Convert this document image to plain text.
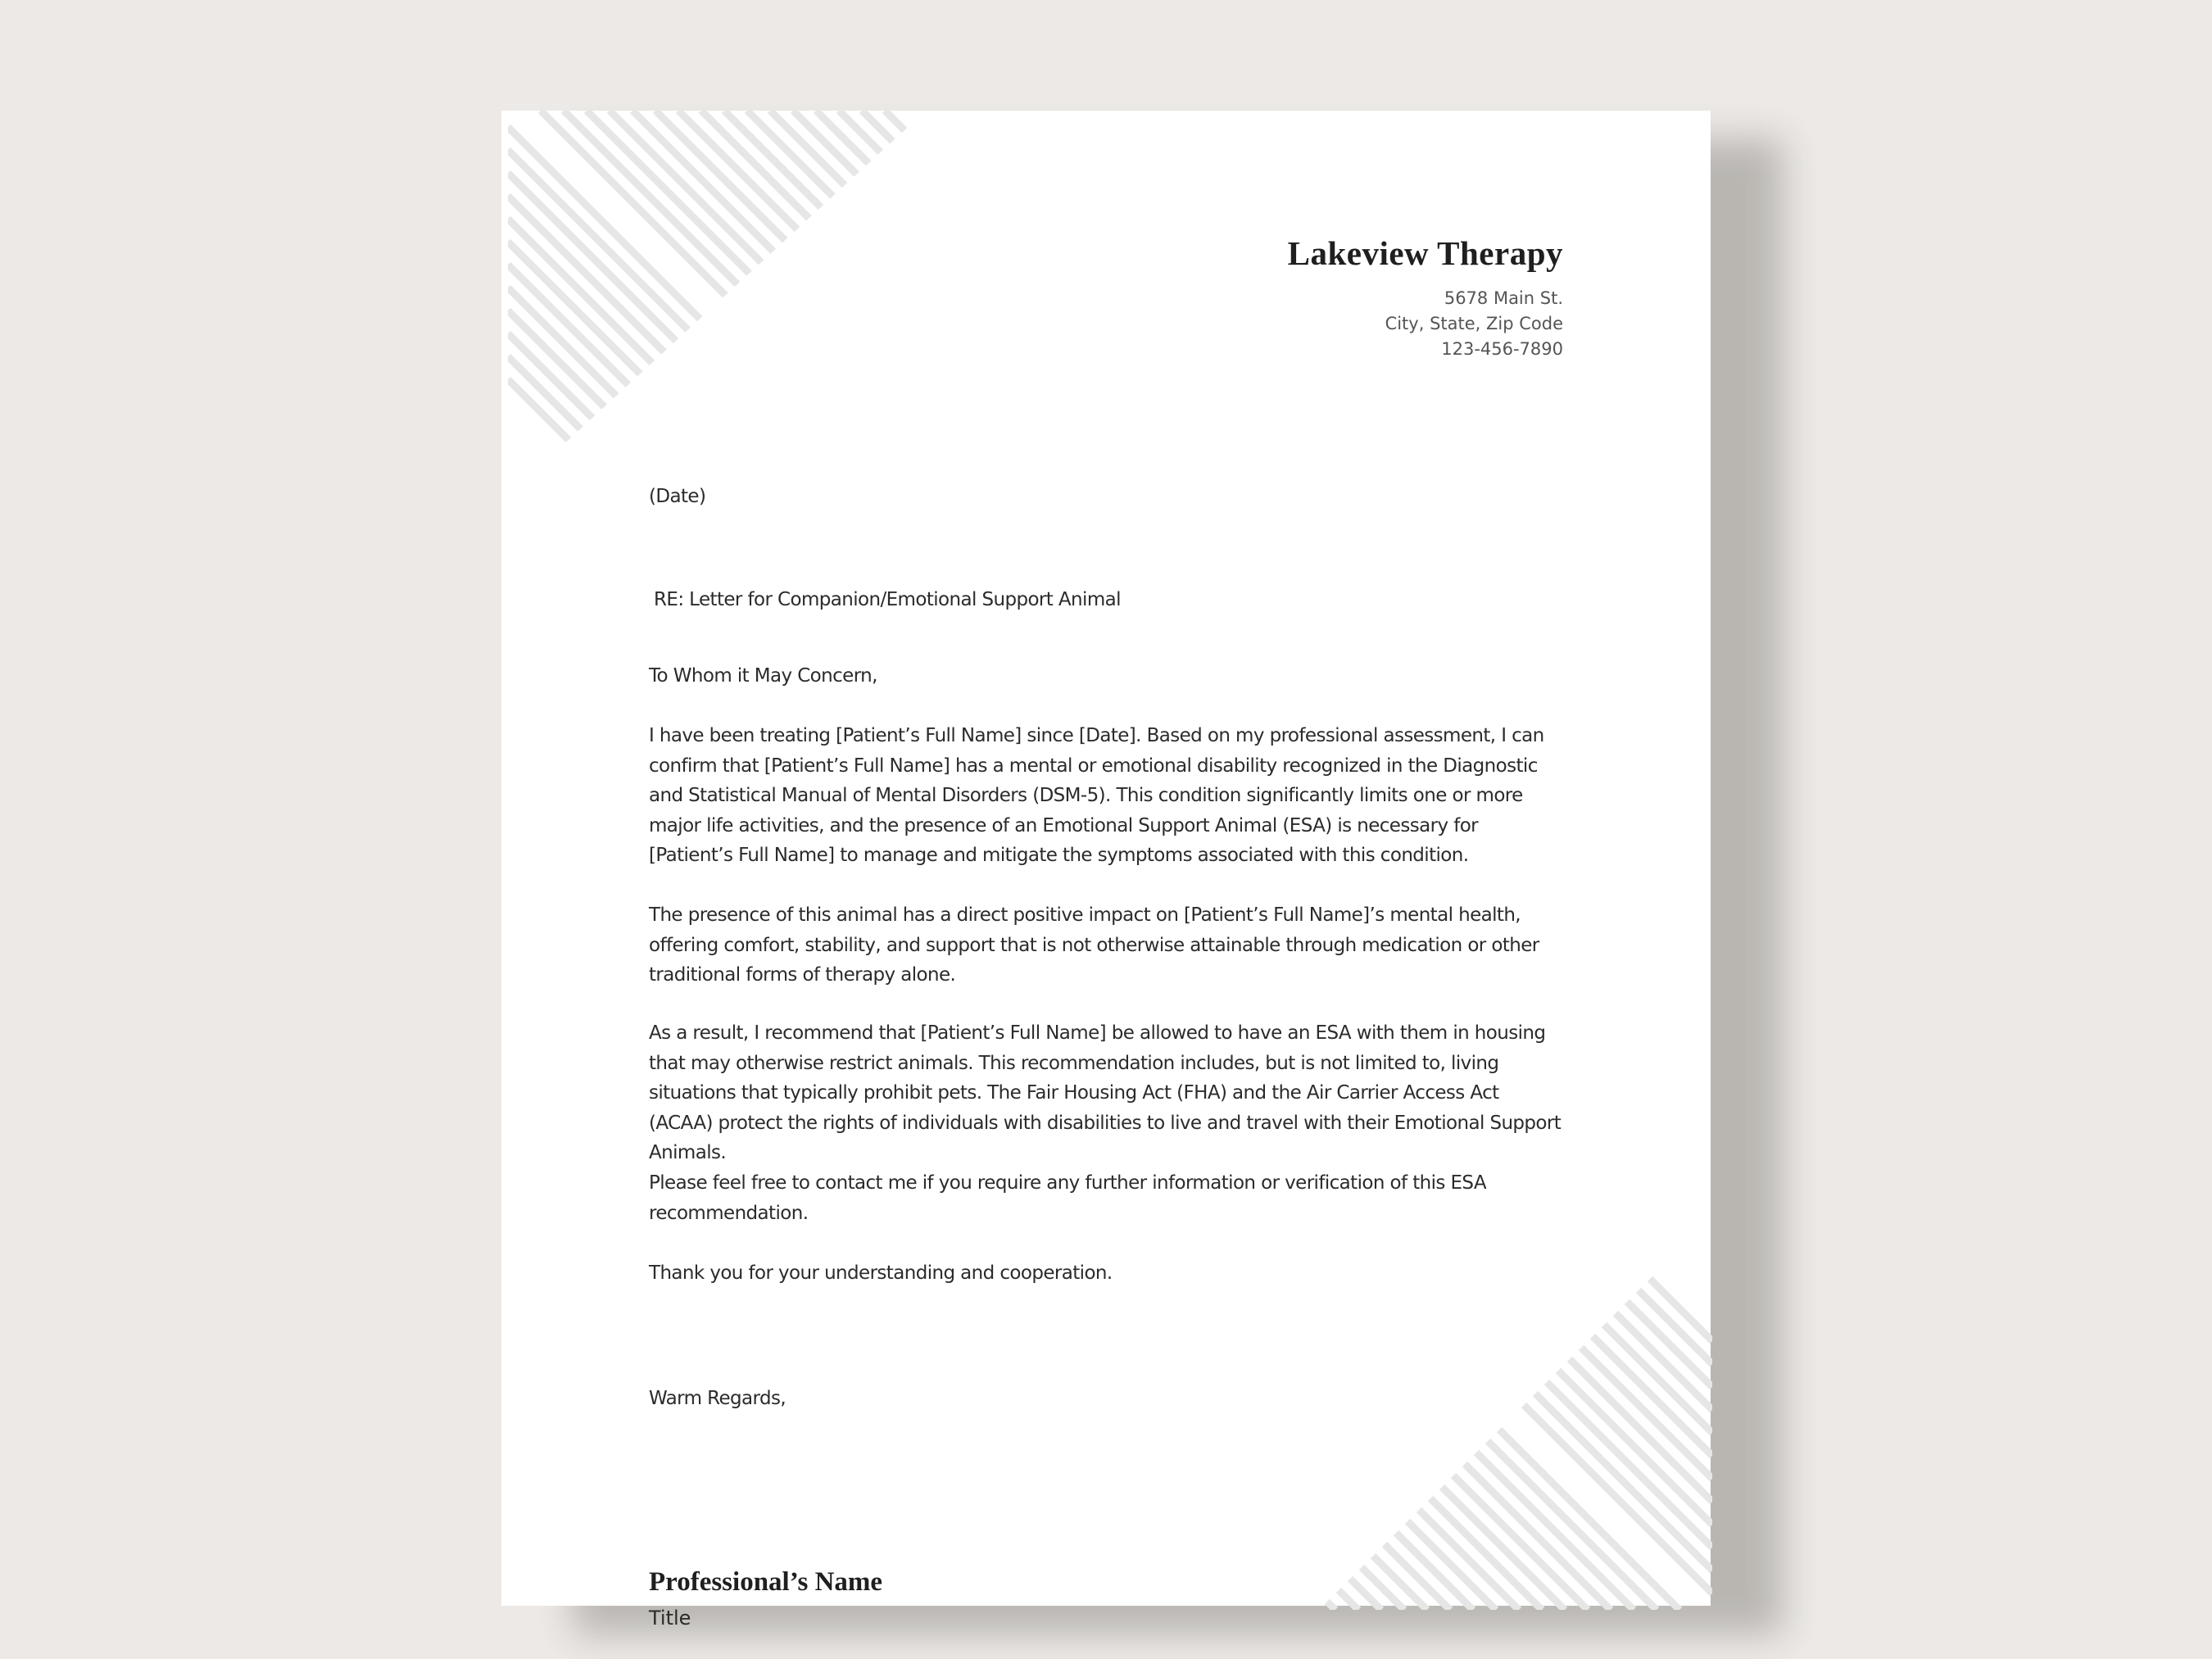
Lakeview Therapy
5678 Main St.
City, State, Zip Code
123-456-7890
(Date)
RE: Letter for Companion/Emotional Support Animal
To Whom it May Concern,
I have been treating [Patient’s Full Name] since [Date]. Based on my professional assessment, I can confirm that [Patient’s Full Name] has a mental or emotional disability recognized in the Diagnostic and Statistical Manual of Mental Disorders (DSM-5). This condition significantly limits one or more major life activities, and the presence of an Emotional Support Animal (ESA) is necessary for [Patient’s Full Name] to manage and mitigate the symptoms associated with this condition.
The presence of this animal has a direct positive impact on [Patient’s Full Name]’s mental health, offering comfort, stability, and support that is not otherwise attainable through medication or other traditional forms of therapy alone.
As a result, I recommend that [Patient’s Full Name] be allowed to have an ESA with them in housing that may otherwise restrict animals. This recommendation includes, but is not limited to, living situations that typically prohibit pets. The Fair Housing Act (FHA) and the Air Carrier Access Act (ACAA) protect the rights of individuals with disabilities to live and travel with their Emotional Support Animals.
Please feel free to contact me if you require any further information or verification of this ESA recommendation.
Thank you for your understanding and cooperation.
Warm Regards,
Professional’s Name
Title
